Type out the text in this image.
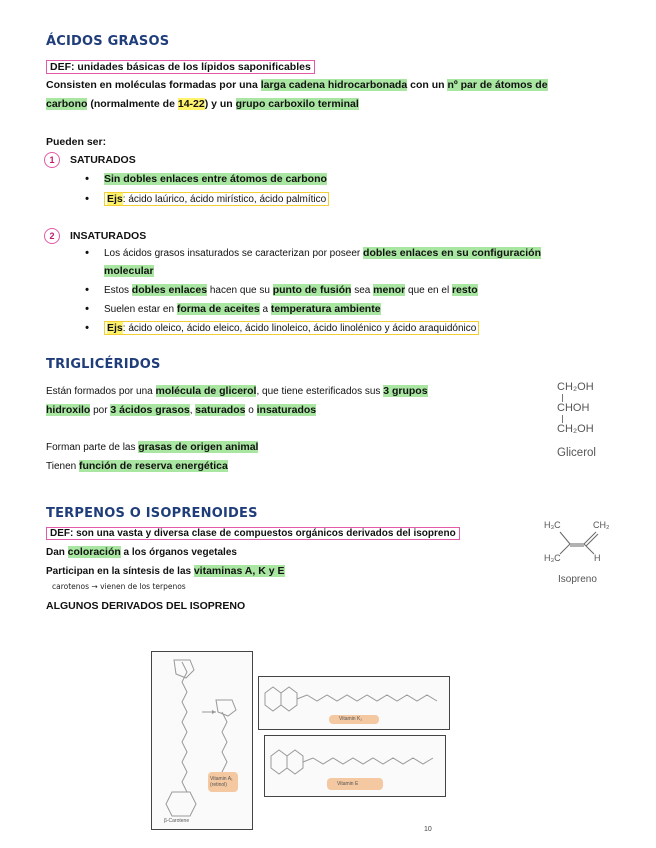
ÁCIDOS GRASOS
DEF: unidades básicas de los lípidos saponificables
Consisten en moléculas formadas por una larga cadena hidrocarbonada con un nº par de átomos de
carbono (normalmente de 14-22) y un grupo carboxilo terminal
Pueden ser:
1 SATURADOS
• Sin dobles enlaces entre átomos de carbono
• Ejs: ácido laúrico, ácido mirístico, ácido palmítico
2 INSATURADOS
• Los ácidos grasos insaturados se caracterizan por poseer dobles enlaces en su configuración
molecular
• Estos dobles enlaces hacen que su punto de fusión sea menor que en el resto
• Suelen estar en forma de aceites a temperatura ambiente
• Ejs: ácido oleico, ácido eleico, ácido linoleico, ácido linolénico y ácido araquidónico
TRIGLICÉRIDOS
Están formados por una molécula de glicerol, que tiene esterificados sus 3 grupos
hidroxilo por 3 ácidos grasos, saturados o insaturados
Forman parte de las grasas de origen animal
Tienen función de reserva energética
CH₂OH
CHOH
CH₂OH
Glicerol
TERPENOS O ISOPRENOIDES
DEF: son una vasta y diversa clase de compuestos orgánicos derivados del isopreno
Dan coloración a los órganos vegetales
Participan en la síntesis de las vitaminas A, K y E
carotenos → vienen de los terpenos
ALGUNOS DERIVADOS DEL ISOPRENO
H₃C	CH₂
H₃C	H
Isopreno
β-Carotene
Vitamin A₁ (retinol)
Vitamin K₁
Vitamin E
10
